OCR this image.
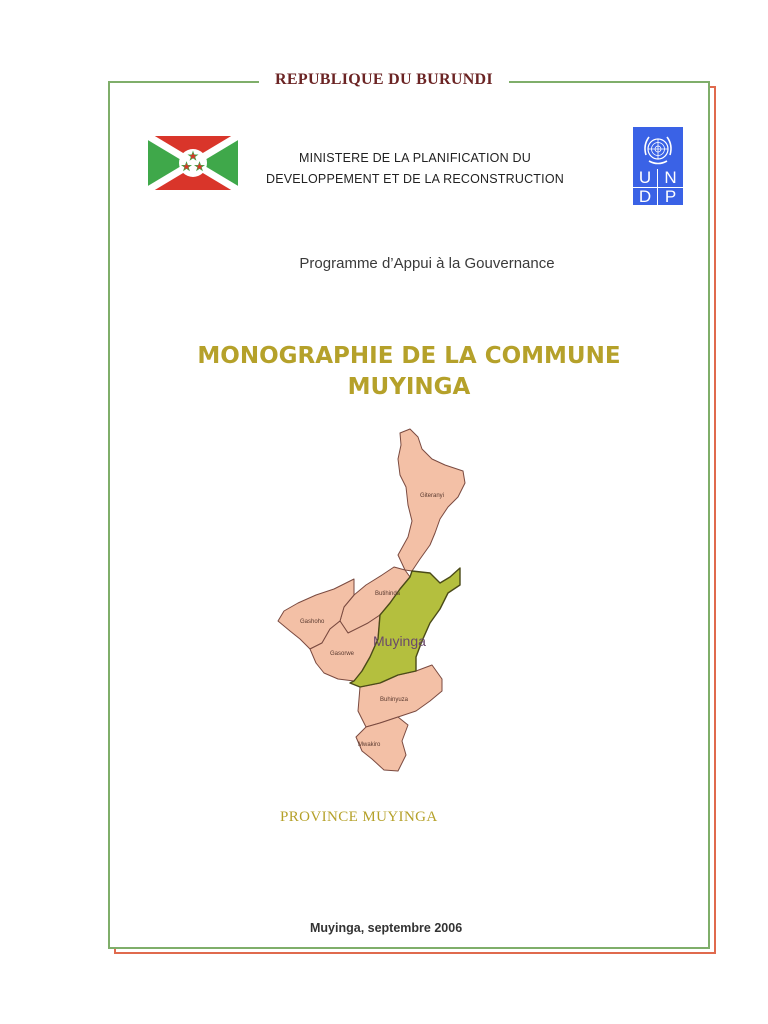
REPUBLIQUE DU BURUNDI
MINISTERE DE LA PLANIFICATION DU
DEVELOPPEMENT ET DE LA RECONSTRUCTION	U N
D P
Programme d’Appui à la Gouvernance
MONOGRAPHIE DE LA COMMUNE
MUYINGA
Giteranyi
Butihinda
Gashoho
Gasorwe
Buhinyuza
Mwakiro
Muyinga
PROVINCE MUYINGA
Muyinga, septembre 2006
